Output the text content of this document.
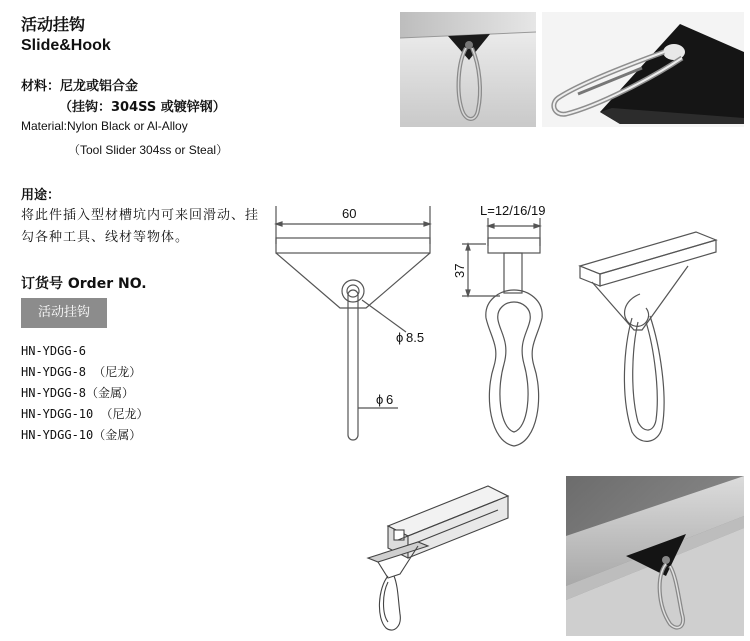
活动挂钩
Slide&Hook
材料：尼龙或铝合金
（挂钩：304SS 或镀锌钢）
Material:Nylon Black or Al-Alloy
（Tool Slider 304ss or Steal）
用途：
将此件插入型材槽坑内可来回滑动、挂勾各种工具、线材等物体。
订货号 Order NO.
活动挂钩
HN-YDGG-6
HN-YDGG-8 （尼龙）
HN-YDGG-8（金属）
HN-YDGG-10 （尼龙）
HN-YDGG-10（金属）
60
ϕ 8.5
ϕ 6
L=12/16/19
37
